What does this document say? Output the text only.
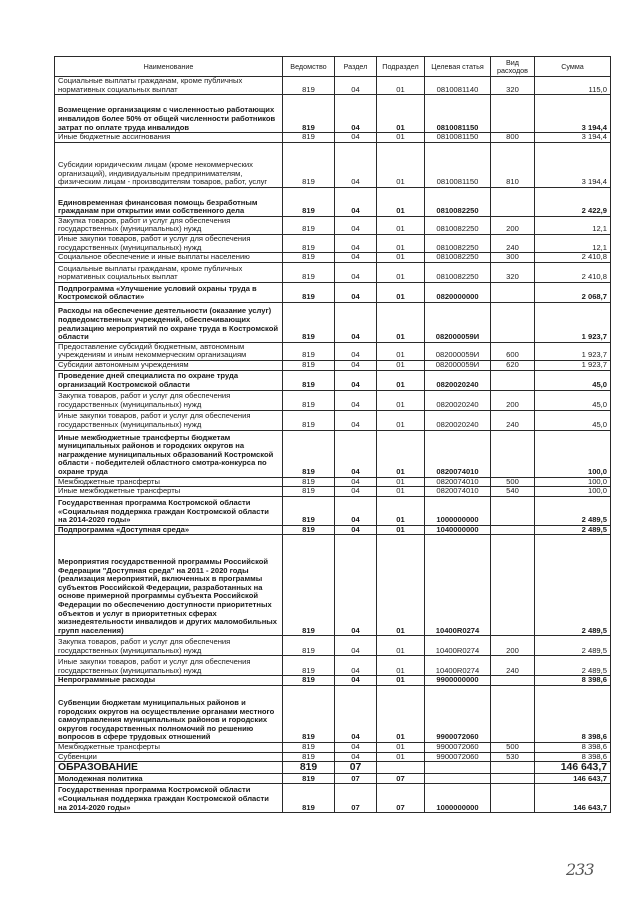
Наименование	Ведомство	Раздел	Подраздел	Целевая статья	Вид расходов	Сумма
Социальные выплаты гражданам, кроме публичных нормативных социальных выплат	819	04	01	0810081140	320	115,0
Возмещение организациям с численностью работающих инвалидов более 50% от общей численности работников затрат по оплате труда инвалидов	819	04	01	0810081150		3 194,4
Иные бюджетные ассигнования	819	04	01	0810081150	800	3 194,4
Субсидии юридическим лицам (кроме некоммерческих организаций), индивидуальным предпринимателям, физическим лицам - производителям товаров, работ, услуг	819	04	01	0810081150	810	3 194,4
Единовременная финансовая помощь безработным гражданам при открытии ими собственного дела	819	04	01	0810082250		2 422,9
Закупка товаров, работ и услуг для обеспечения государственных (муниципальных) нужд	819	04	01	0810082250	200	12,1
Иные закупки товаров, работ и услуг для обеспечения государственных (муниципальных) нужд	819	04	01	0810082250	240	12,1
Социальное обеспечение и иные выплаты населению	819	04	01	0810082250	300	2 410,8
Социальные выплаты гражданам, кроме публичных нормативных социальных выплат	819	04	01	0810082250	320	2 410,8
Подпрограмма «Улучшение условий охраны труда в Костромской области»	819	04	01	0820000000		2 068,7
Расходы на обеспечение деятельности (оказание услуг) подведомственных учреждений, обеспечивающих реализацию мероприятий по охране труда в Костромской области	819	04	01	082000059И		1 923,7
Предоставление субсидий бюджетным, автономным учреждениям и иным некоммерческим организациям	819	04	01	082000059И	600	1 923,7
Субсидии автономным учреждениям	819	04	01	082000059И	620	1 923,7
Проведение дней специалиста по охране труда организаций Костромской области	819	04	01	0820020240		45,0
Закупка товаров, работ и услуг для обеспечения государственных (муниципальных) нужд	819	04	01	0820020240	200	45,0
Иные закупки товаров, работ и услуг для обеспечения государственных (муниципальных) нужд	819	04	01	0820020240	240	45,0
Иные межбюджетные трансферты бюджетам муниципальных районов и городских округов на награждение муниципальных образований Костромской области - победителей областного смотра-конкурса по охране труда	819	04	01	0820074010		100,0
Межбюджетные трансферты	819	04	01	0820074010	500	100,0
Иные межбюджетные трансферты	819	04	01	0820074010	540	100,0
Государственная программа Костромской области «Социальная поддержка граждан Костромской области на 2014-2020 годы»	819	04	01	1000000000		2 489,5
Подпрограмма «Доступная среда»	819	04	01	1040000000		2 489,5
Мероприятия государственной программы Российской Федерации "Доступная среда" на 2011 - 2020 годы (реализация мероприятий, включенных в программы субъектов Российской Федерации, разработанных на основе примерной программы субъекта Российской Федерации по обеспечению доступности приоритетных объектов и услуг в приоритетных сферах жизнедеятельности инвалидов и других маломобильных групп населения)	819	04	01	10400R0274		2 489,5
Закупка товаров, работ и услуг для обеспечения государственных (муниципальных) нужд	819	04	01	10400R0274	200	2 489,5
Иные закупки товаров, работ и услуг для обеспечения государственных (муниципальных) нужд	819	04	01	10400R0274	240	2 489,5
Непрограммные расходы	819	04	01	9900000000		8 398,6
Субвенции бюджетам муниципальных районов и городских округов на осуществление органами местного самоуправления муниципальных районов и городских округов государственных полномочий по решению вопросов в сфере трудовых отношений	819	04	01	9900072060		8 398,6
Межбюджетные трансферты	819	04	01	9900072060	500	8 398,6
Субвенции	819	04	01	9900072060	530	8 398,6
ОБРАЗОВАНИЕ	819	07				146 643,7
Молодежная политика	819	07	07			146 643,7
Государственная программа Костромской области «Социальная поддержка граждан Костромской области на 2014-2020 годы»	819	07	07	1000000000		146 643,7
233
